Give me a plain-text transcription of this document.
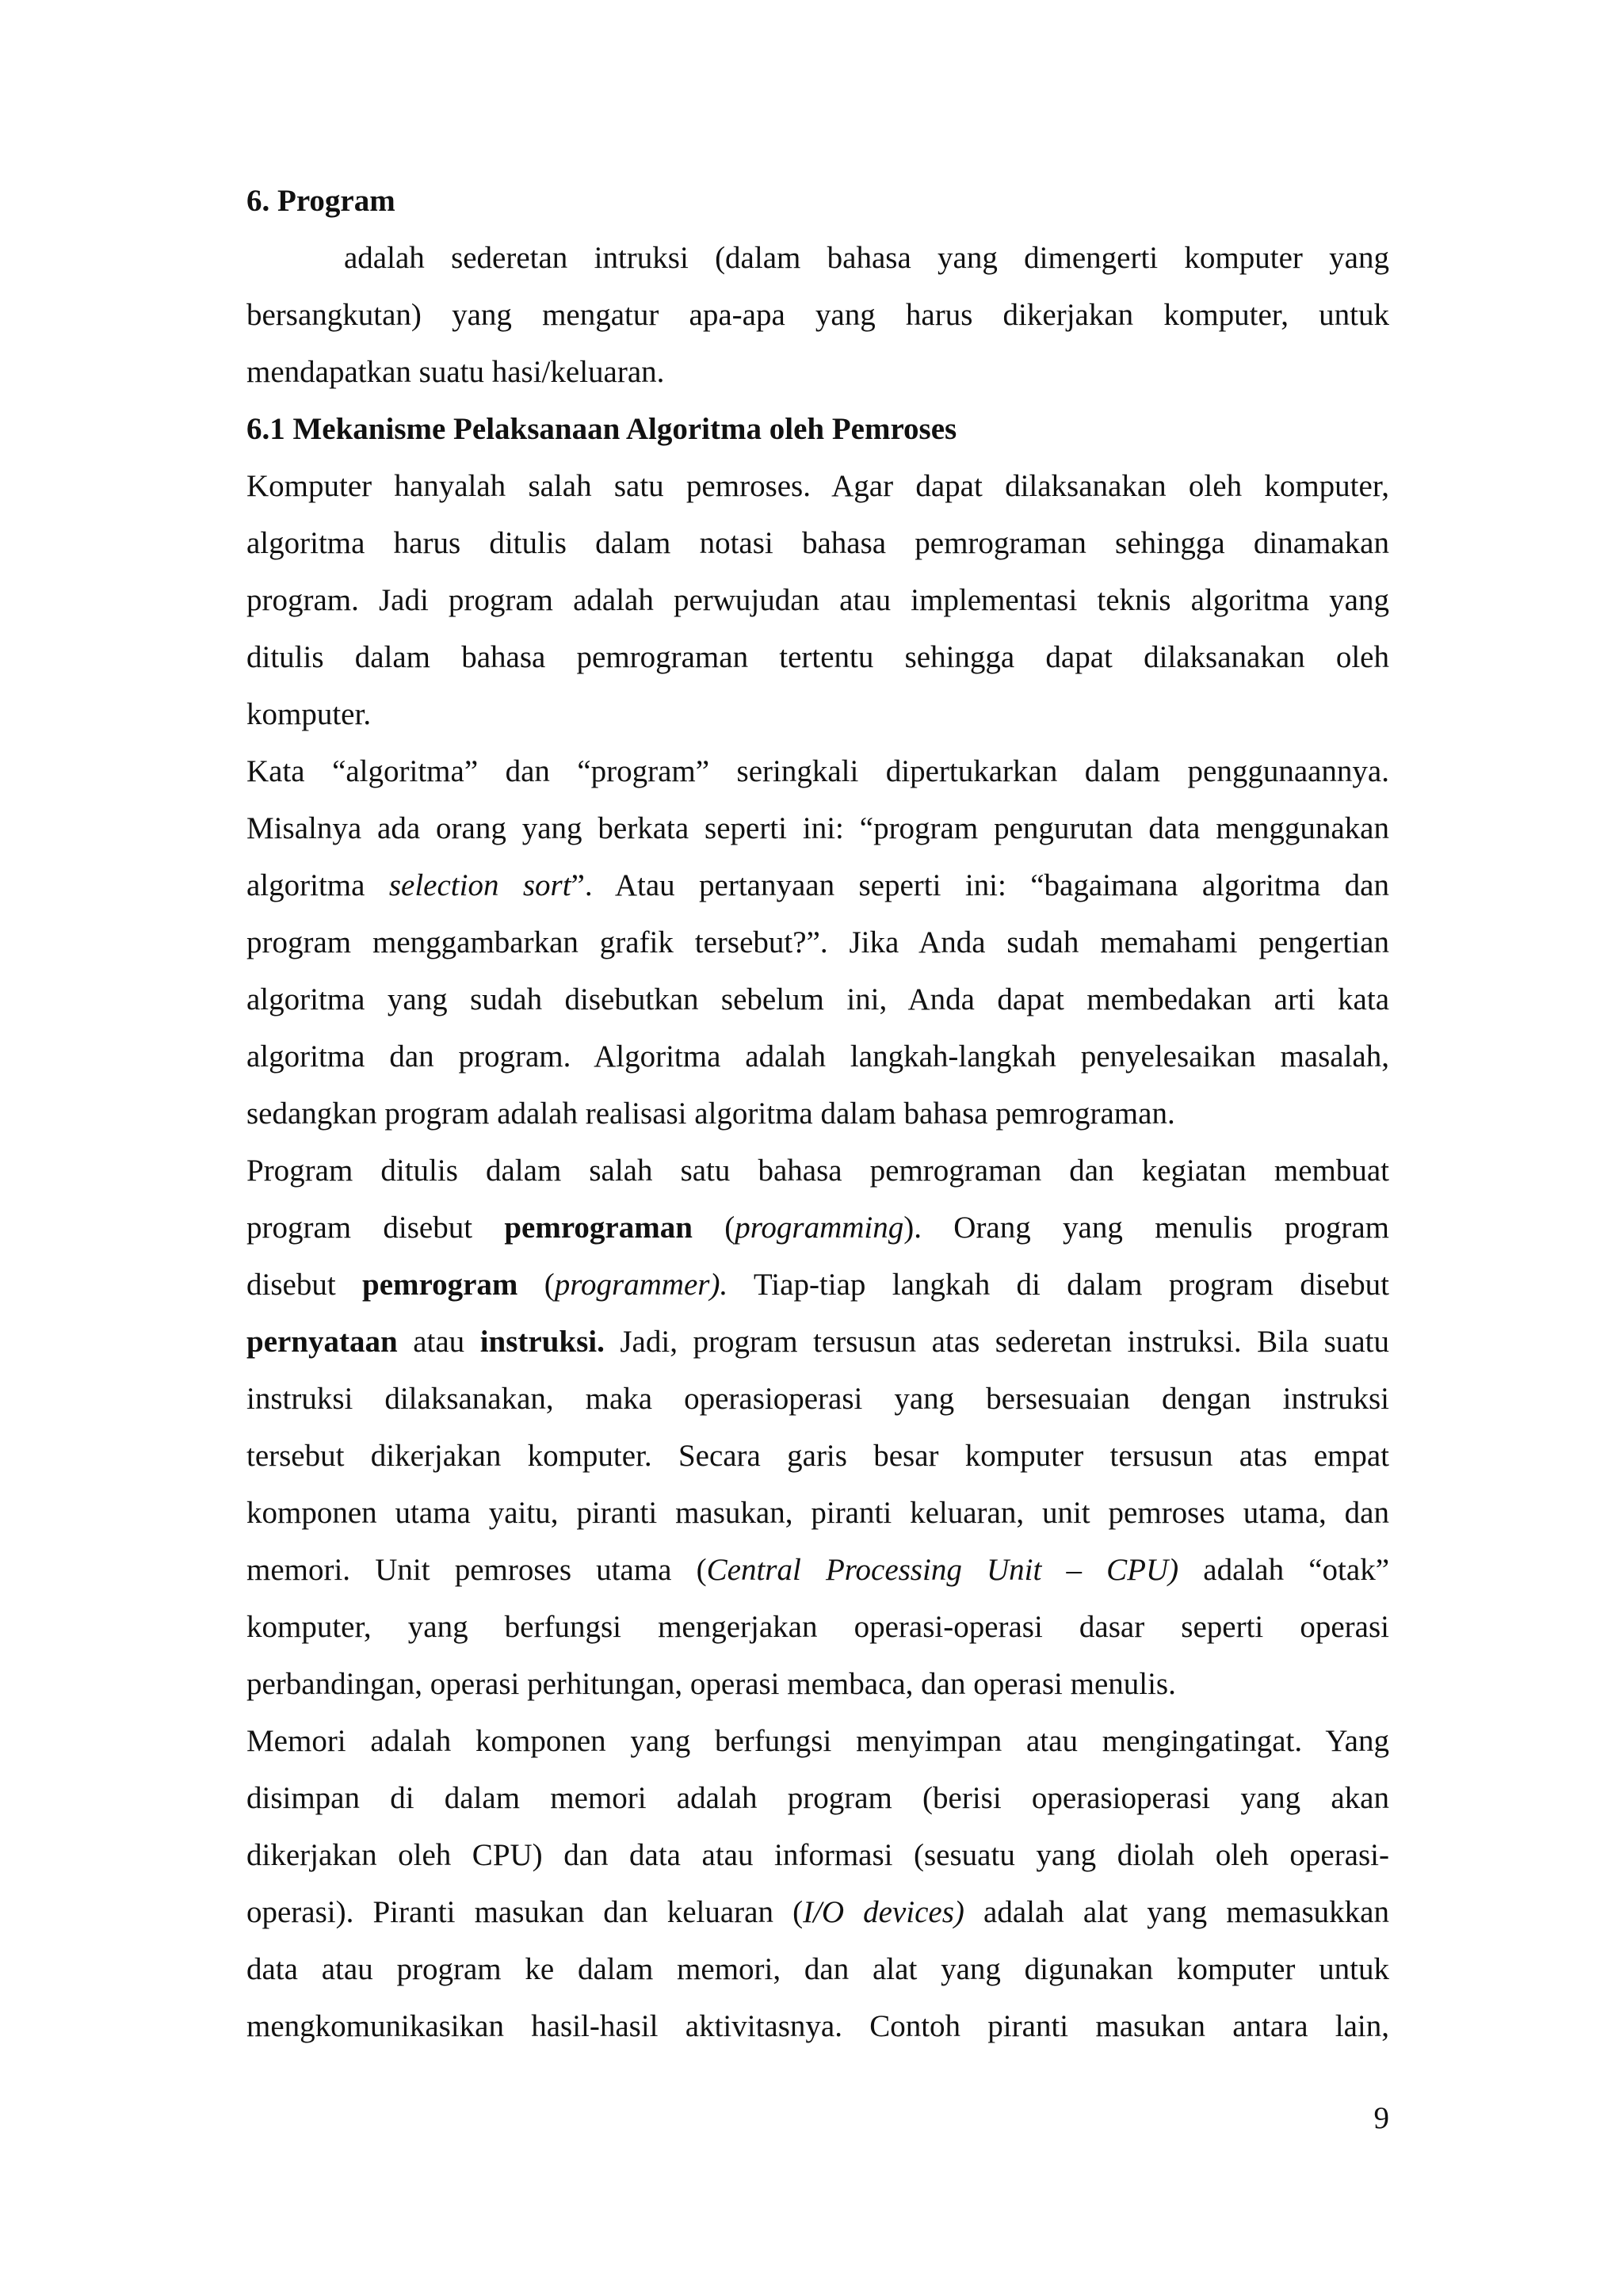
6. Program
adalah sederetan intruksi (dalam bahasa yang dimengerti komputer yang
bersangkutan) yang mengatur apa-apa yang harus dikerjakan komputer, untuk
mendapatkan suatu hasi/keluaran.
6.1 Mekanisme Pelaksanaan Algoritma oleh Pemroses
Komputer hanyalah salah satu pemroses. Agar dapat dilaksanakan oleh komputer,
algoritma harus ditulis dalam notasi bahasa pemrograman sehingga dinamakan
program. Jadi program adalah perwujudan atau implementasi teknis algoritma yang
ditulis dalam bahasa pemrograman tertentu sehingga dapat dilaksanakan oleh
komputer.
Kata “algoritma” dan “program” seringkali dipertukarkan dalam penggunaannya.
Misalnya ada orang yang berkata seperti ini: “program pengurutan data menggunakan
algoritma selection sort”. Atau pertanyaan seperti ini: “bagaimana algoritma dan
program menggambarkan grafik tersebut?”. Jika Anda sudah memahami pengertian
algoritma yang sudah disebutkan sebelum ini, Anda dapat membedakan arti kata
algoritma dan program. Algoritma adalah langkah-langkah penyelesaikan masalah,
sedangkan program adalah realisasi algoritma dalam bahasa pemrograman.
Program ditulis dalam salah satu bahasa pemrograman dan kegiatan membuat
program disebut pemrograman (programming). Orang yang menulis program
disebut pemrogram (programmer). Tiap-tiap langkah di dalam program disebut
pernyataan atau instruksi. Jadi, program tersusun atas sederetan instruksi. Bila suatu
instruksi dilaksanakan, maka operasioperasi yang bersesuaian dengan instruksi
tersebut dikerjakan komputer. Secara garis besar komputer tersusun atas empat
komponen utama yaitu, piranti masukan, piranti keluaran, unit pemroses utama, dan
memori. Unit pemroses utama (Central Processing Unit – CPU) adalah “otak”
komputer, yang berfungsi mengerjakan operasi-operasi dasar seperti operasi
perbandingan, operasi perhitungan, operasi membaca, dan operasi menulis.
Memori adalah komponen yang berfungsi menyimpan atau mengingatingat. Yang
disimpan di dalam memori adalah program (berisi operasioperasi yang akan
dikerjakan oleh CPU) dan data atau informasi (sesuatu yang diolah oleh operasi-
operasi). Piranti masukan dan keluaran (I/O devices) adalah alat yang memasukkan
data atau program ke dalam memori, dan alat yang digunakan komputer untuk
mengkomunikasikan hasil-hasil aktivitasnya. Contoh piranti masukan antara lain,
9
